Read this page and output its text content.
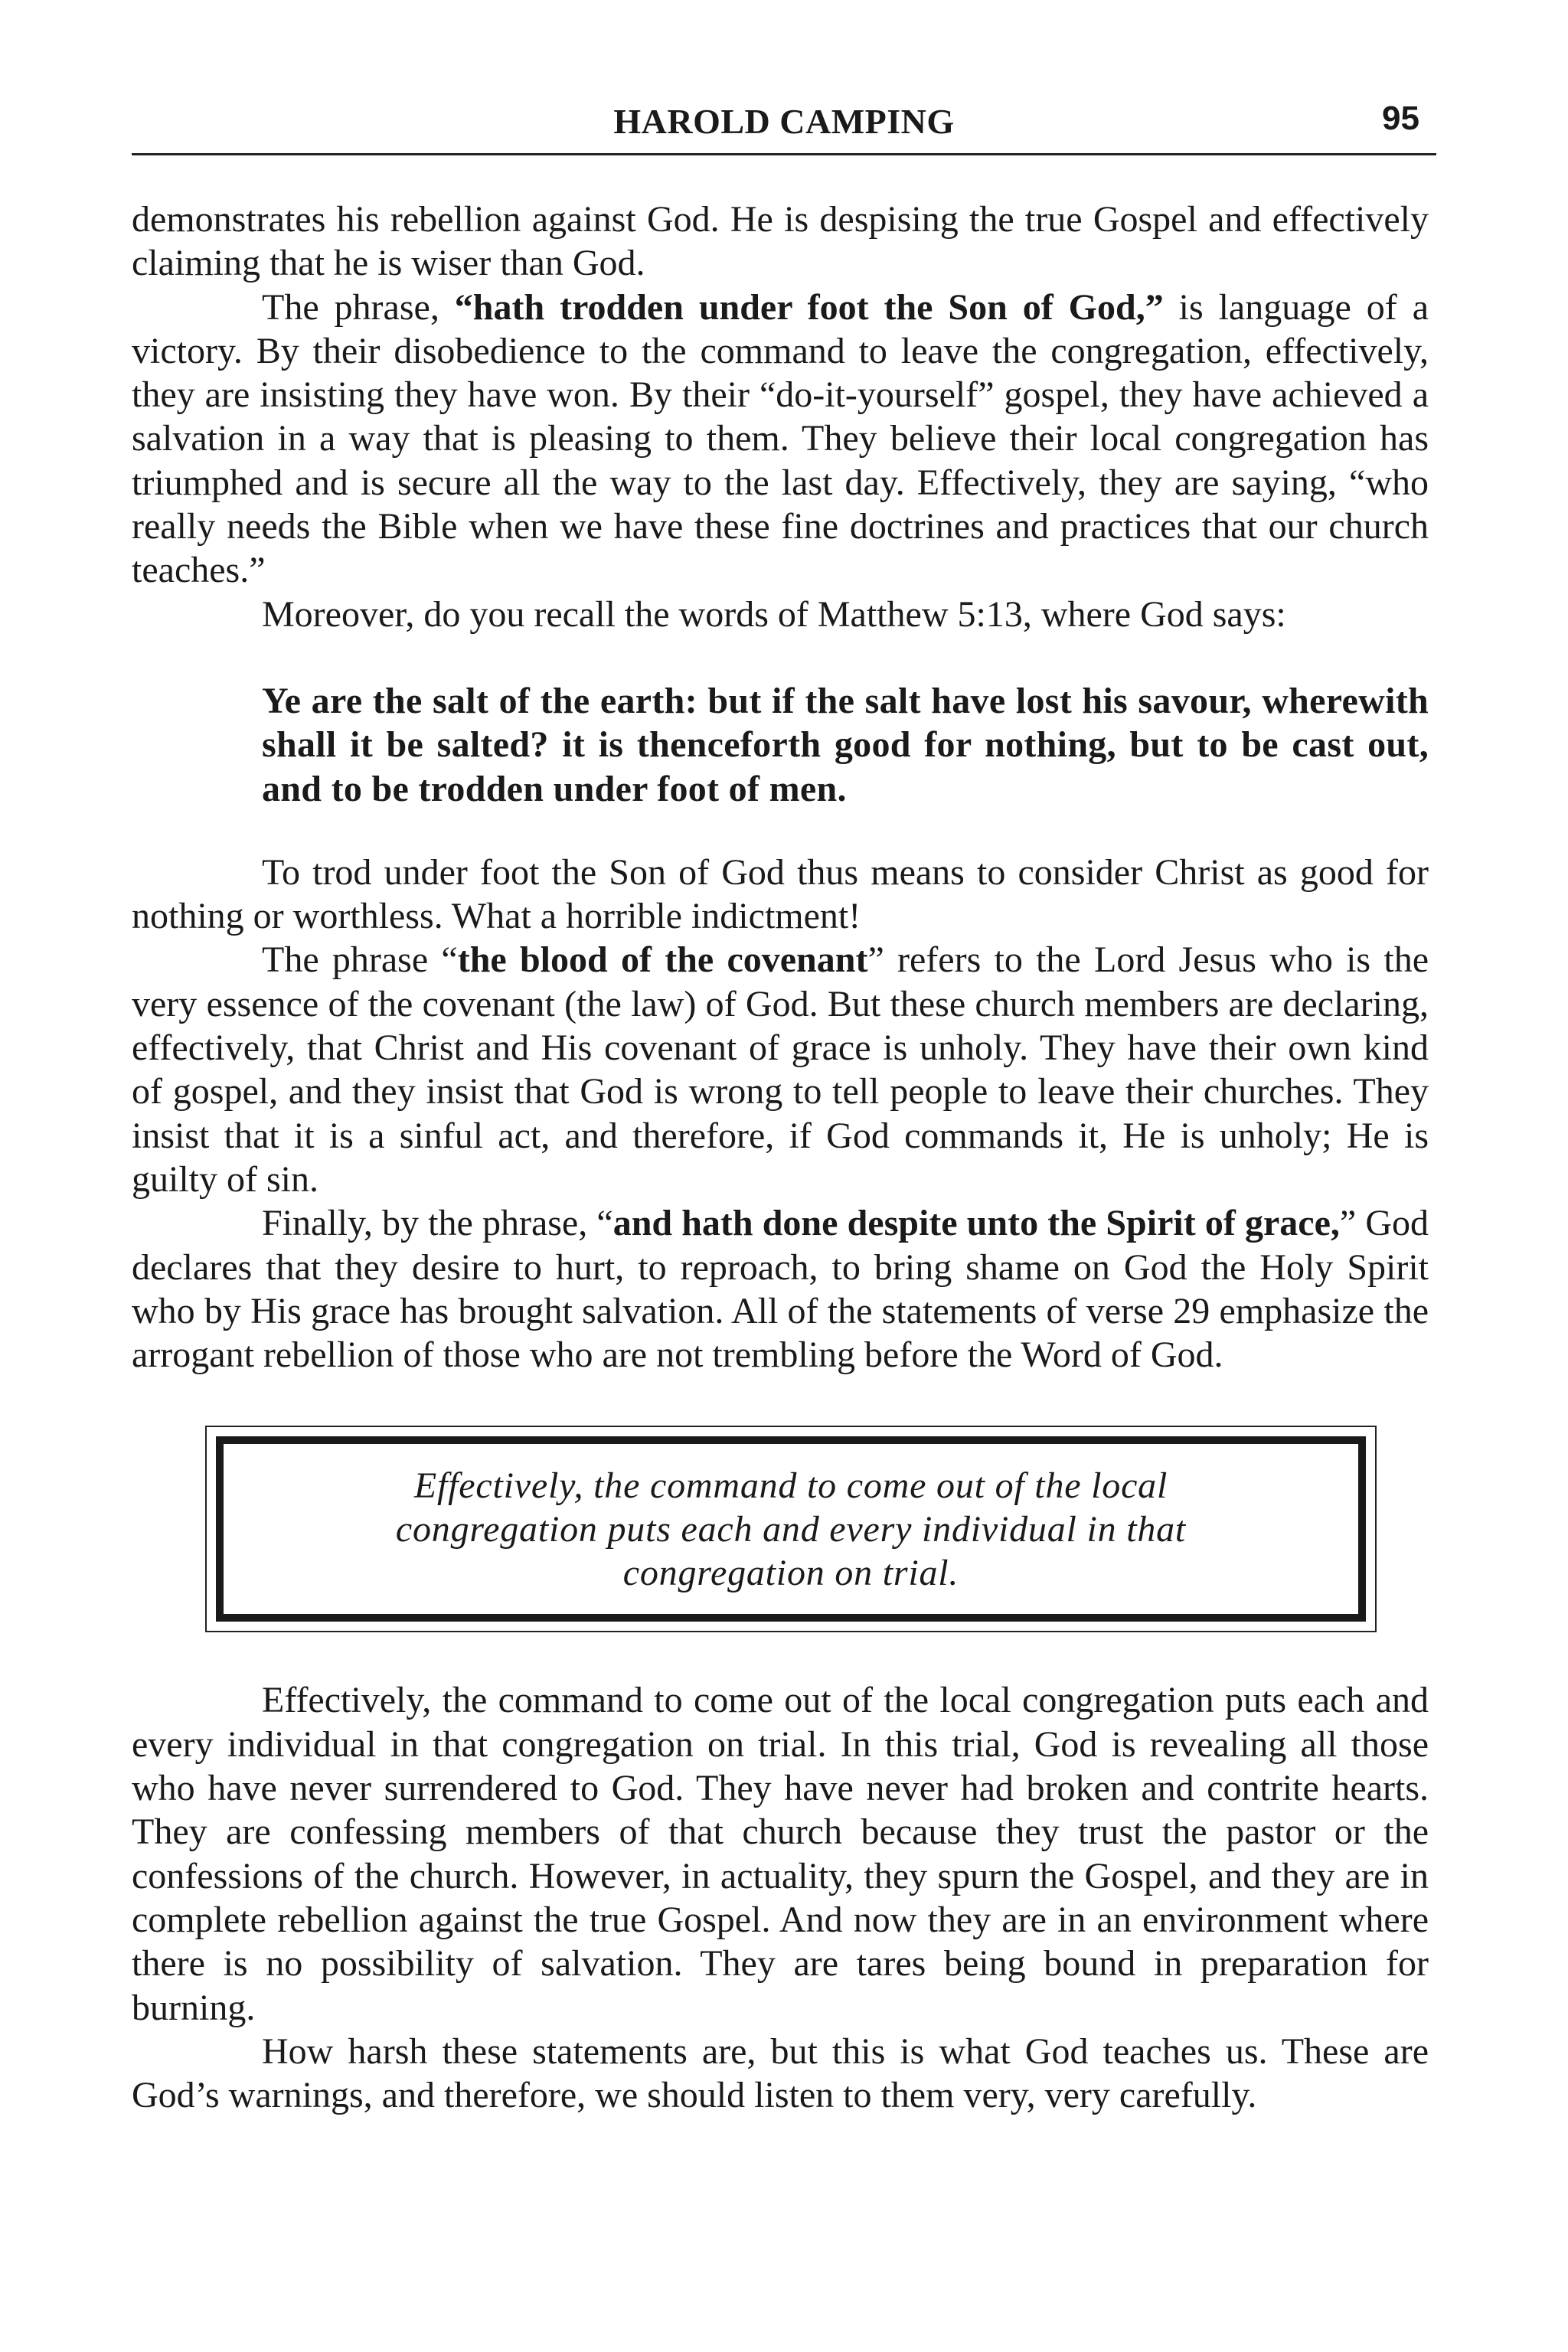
HAROLD CAMPING	95

demonstrates his rebellion against God. He is despising the true Gospel and effectively claiming that he is wiser than God.

The phrase, “hath trodden under foot the Son of God,” is language of a victory. By their disobedience to the command to leave the congregation, effectively, they are insisting they have won. By their “do-it-yourself” gospel, they have achieved a salvation in a way that is pleasing to them. They believe their local congregation has triumphed and is secure all the way to the last day. Effectively, they are saying, “who really needs the Bible when we have these fine doctrines and practices that our church teaches.”

Moreover, do you recall the words of Matthew 5:13, where God says:

Ye are the salt of the earth: but if the salt have lost his savour, wherewith shall it be salted? it is thenceforth good for nothing, but to be cast out, and to be trodden under foot of men.

To trod under foot the Son of God thus means to consider Christ as good for nothing or worthless. What a horrible indictment!

The phrase “the blood of the covenant” refers to the Lord Jesus who is the very essence of the covenant (the law) of God. But these church members are declaring, effectively, that Christ and His covenant of grace is unholy. They have their own kind of gospel, and they insist that God is wrong to tell people to leave their churches. They insist that it is a sinful act, and therefore, if God commands it, He is unholy; He is guilty of sin.

Finally, by the phrase, “and hath done despite unto the Spirit of grace,” God declares that they desire to hurt, to reproach, to bring shame on God the Holy Spirit who by His grace has brought salvation. All of the statements of verse 29 emphasize the arrogant rebellion of those who are not trembling before the Word of God.

Effectively, the command to come out of the local congregation puts each and every individual in that congregation on trial.

Effectively, the command to come out of the local congregation puts each and every individual in that congregation on trial. In this trial, God is revealing all those who have never surrendered to God. They have never had broken and contrite hearts. They are confessing members of that church because they trust the pastor or the confessions of the church. However, in actuality, they spurn the Gospel, and they are in complete rebellion against the true Gospel. And now they are in an environment where there is no possibility of salvation. They are tares being bound in preparation for burning.

How harsh these statements are, but this is what God teaches us. These are God’s warnings, and therefore, we should listen to them very, very carefully.
